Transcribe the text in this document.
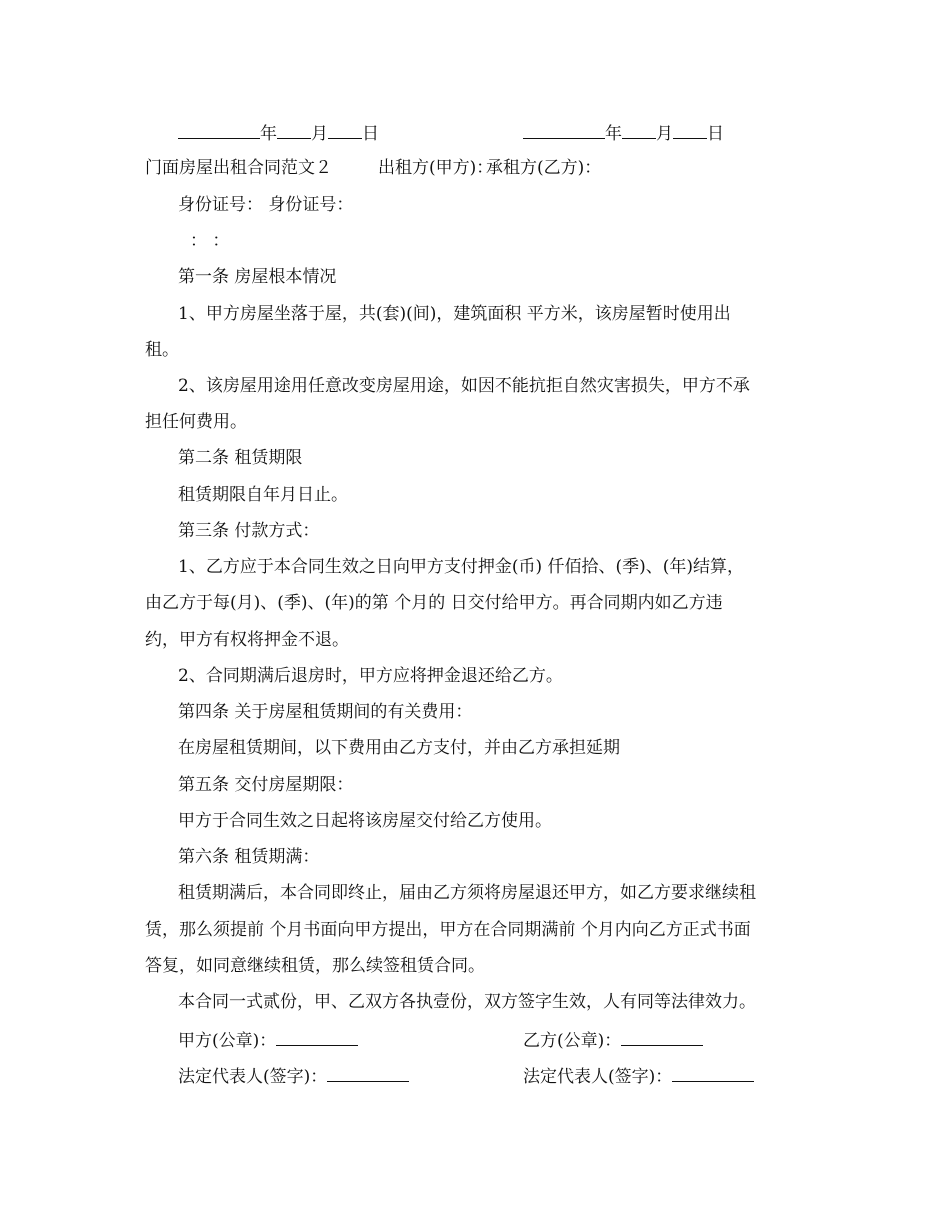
年 月 日	年 月 日
门面房屋出租合同范文２	出租方(甲方)：
承租方(乙方)：
身份证号： 身份证号：
： ：
第一条 房屋根本情况
1、甲方房屋坐落于屋，共(套)(间)，建筑面积 平方米，该房屋暂时使用出
租。
2、该房屋用途用任意改变房屋用途，如因不能抗拒自然灾害损失，甲方不承
担任何费用。
第二条 租赁期限
租赁期限自年月日止。
第三条 付款方式：
1、乙方应于本合同生效之日向甲方支付押金(币) 仟佰拾、(季)、(年)结算，
由乙方于每(月)、(季)、(年)的第 个月的 日交付给甲方。再合同期内如乙方违
约，甲方有权将押金不退。
2、合同期满后退房时，甲方应将押金退还给乙方。
第四条 关于房屋租赁期间的有关费用：
在房屋租赁期间，以下费用由乙方支付，并由乙方承担延期
第五条 交付房屋期限：
甲方于合同生效之日起将该房屋交付给乙方使用。
第六条 租赁期满：
租赁期满后，本合同即终止，届由乙方须将房屋退还甲方，如乙方要求继续租
赁，那么须提前 个月书面向甲方提出，甲方在合同期满前 个月内向乙方正式书面
答复，如同意继续租赁，那么续签租赁合同。
本合同一式贰份，甲、乙双方各执壹份，双方签字生效，人有同等法律效力。
甲方(公章)：	乙方(公章)：
法定代表人(签字)：	法定代表人(签字)：
